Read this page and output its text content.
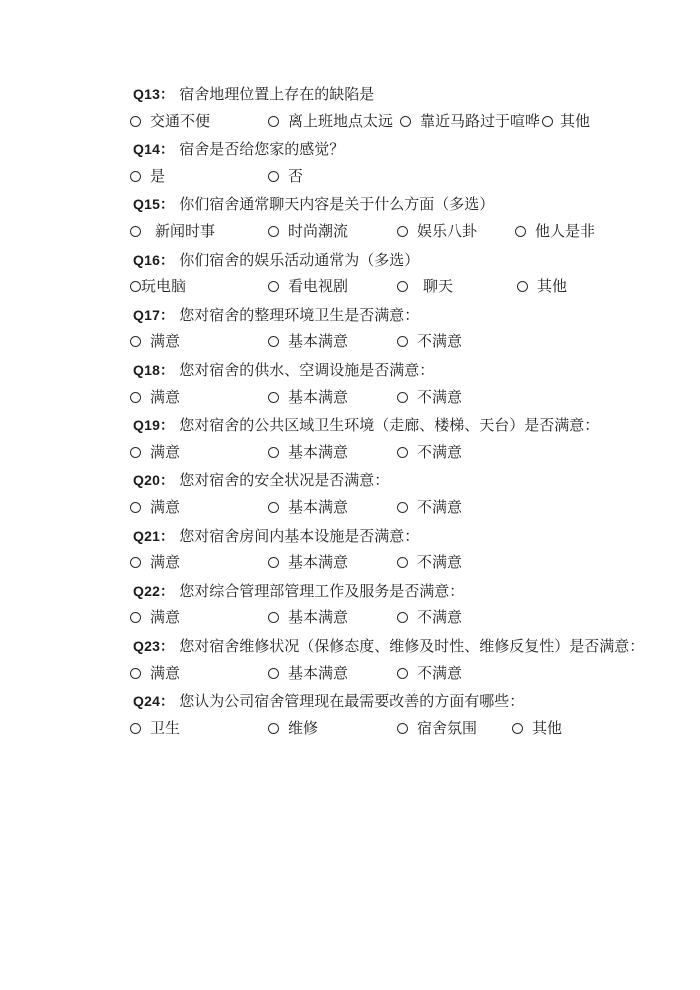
Q13： 宿舍地理位置上存在的缺陷是
交通不便	离上班地点太远	靠近马路过于喧哗	其他
Q14： 宿舍是否给您家的感觉？
是	否
Q15： 你们宿舍通常聊天内容是关于什么方面（多选）
新闻时事	时尚潮流	娱乐八卦	他人是非
Q16： 你们宿舍的娱乐活动通常为（多选）
玩电脑	看电视剧	聊天	其他
Q17： 您对宿舍的整理环境卫生是否满意：
满意	基本满意	不满意
Q18： 您对宿舍的供水、空调设施是否满意：
满意	基本满意	不满意
Q19： 您对宿舍的公共区域卫生环境（走廊、楼梯、天台）是否满意：
满意	基本满意	不满意
Q20： 您对宿舍的安全状况是否满意：
满意	基本满意	不满意
Q21： 您对宿舍房间内基本设施是否满意：
满意	基本满意	不满意
Q22： 您对综合管理部管理工作及服务是否满意：
满意	基本满意	不满意
Q23： 您对宿舍维修状况（保修态度、维修及时性、维修反复性）是否满意：
满意	基本满意	不满意
Q24： 您认为公司宿舍管理现在最需要改善的方面有哪些：
卫生	维修	宿舍氛围	其他
